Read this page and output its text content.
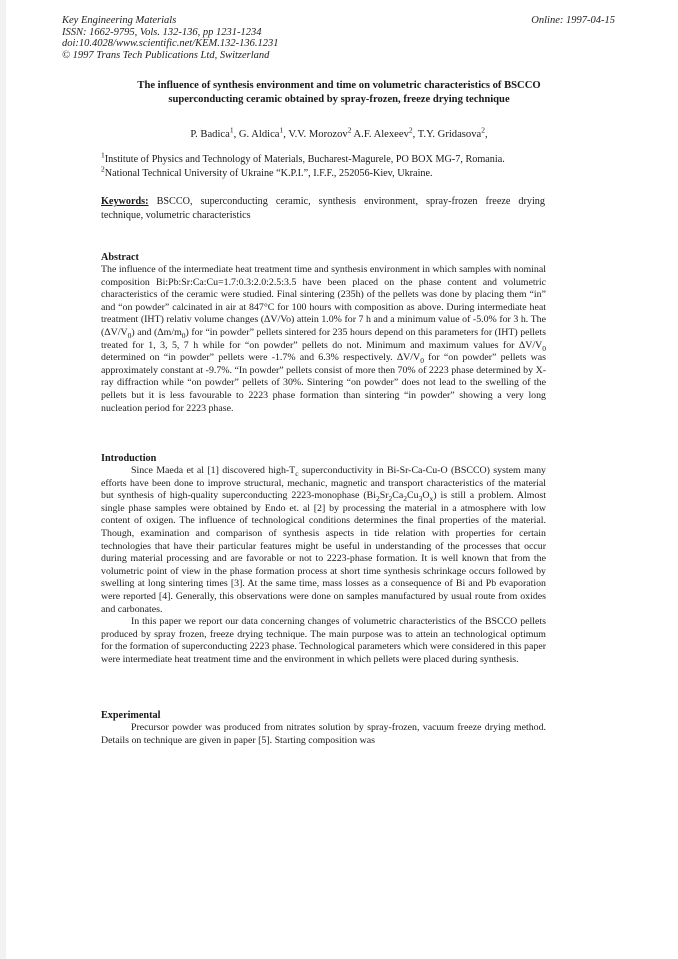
Key Engineering Materials
ISSN: 1662-9795, Vols. 132-136, pp 1231-1234
doi:10.4028/www.scientific.net/KEM.132-136.1231
© 1997 Trans Tech Publications Ltd, Switzerland
Online: 1997-04-15
The influence of synthesis environment and time on volumetric characteristics of BSCCO superconducting ceramic obtained by spray-frozen, freeze drying technique
P. Badica$^1$, G. Aldica$^1$, V.V. Morozov$^2$ A.F. Alexeev$^2$, T.Y. Gridasova$^2$,
$^1$Institute of Physics and Technology of Materials, Bucharest-Magurele, PO BOX MG-7, Romania.
$^2$National Technical University of Ukraine “K.P.I.”, I.F.F., 252056-Kiev, Ukraine.
Keywords: BSCCO, superconducting ceramic, synthesis environment, spray-frozen freeze drying technique, volumetric characteristics
Abstract

The influence of the intermediate heat treatment time and synthesis environment in which samples with nominal composition Bi:Pb:Sr:Ca:Cu=1.7:0.3:2.0:2.5:3.5 have been placed on the phase content and volumetric characteristics of the ceramic were studied. Final sintering (235h) of the pellets was done by placing them “in” and “on powder” calcinated in air at 847°C for 100 hours with composition as above. During intermediate heat treatment (IHT) relativ volume changes (ΔV/Vo) attein 1.0% for 7 h and a minimum value of -5.0% for 3 h. The $(\Delta V/V_0)$ and $(\Delta m/m_0)$ for “in powder” pellets sintered for 235 hours depend on this parameters for (IHT) pellets treated for 1, 3, 5, 7 h while for “on powder” pellets do not. Minimum and maximum values for $\Delta V/V_0$ determined on “in powder” pellets were -1.7% and 6.3% respectively. $\Delta V/V_0$ for “on powder” pellets was approximately constant at -9.7%. “In powder” pellets consist of more then 70% of 2223 phase determined by X-ray diffraction while “on powder” pellets of 30%. Sintering “on powder” does not lead to the swelling of the pellets but it is less favourable to 2223 phase formation than sintering “in powder” showing a very long nucleation period for 2223 phase.

Introduction

Since Maeda et al [1] discovered high-$T_c$ superconductivity in Bi-Sr-Ca-Cu-O (BSCCO) system many efforts have been done to improve structural, mechanic, magnetic and transport characteristics of the material but synthesis of high-quality superconducting 2223-monophase $(Bi_2Sr_2Ca_2Cu_3O_x)$ is still a problem. Almost single phase samples were obtained by Endo et. al [2] by processing the material in a atmosphere with low content of oxigen. The influence of technological conditions determines the final properties of the material. Though, examination and comparison of synthesis aspects in tide relation with properties for certain technologies that have their particular features might be useful in understanding of the processes that occur during material processing and are favorable or not to 2223-phase formation. It is well known that from the volumetric point of view in the phase formation process at short time synthesis schrinkage occurs followed by swelling at long sintering times [3]. At the same time, mass losses as a consequence of Bi and Pb evaporation were reported [4]. Generally, this observations were done on samples manufactured by usual route from oxides and carbonates.

In this paper we report our data concerning changes of volumetric characteristics of the BSCCO pellets produced by spray frozen, freeze drying technique. The main purpose was to attein an technological optimum for the formation of superconducting 2223 phase. Technological parameters which were considered in this paper were intermediate heat treatment time and the environment in which pellets were placed during synthesis.

Experimental

Precursor powder was produced from nitrates solution by spray-frozen, vacuum freeze drying method. Details on technique are given in paper [5]. Starting composition was
